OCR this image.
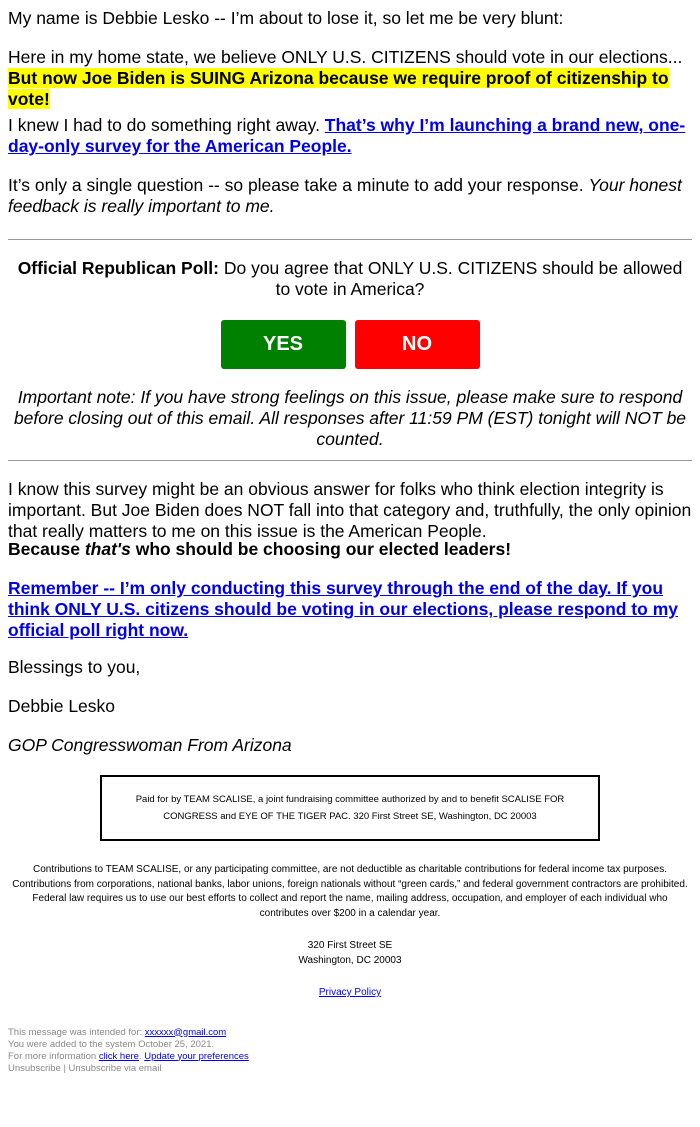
My name is Debbie Lesko -- I’m about to lose it, so let me be very blunt:

Here in my home state, we believe ONLY U.S. CITIZENS should vote in our elections... But now Joe Biden is SUING Arizona because we require proof of citizenship to vote!

I knew I had to do something right away. That’s why I’m launching a brand new, one-day-only survey for the American People.

It’s only a single question -- so please take a minute to add your response. Your honest feedback is really important to me.

Official Republican Poll: Do you agree that ONLY U.S. CITIZENS should be allowed to vote in America?
YES	NO

Important note: If you have strong feelings on this issue, please make sure to respond before closing out of this email. All responses after 11:59 PM (EST) tonight will NOT be counted.

I know this survey might be an obvious answer for folks who think election integrity is important. But Joe Biden does NOT fall into that category and, truthfully, the only opinion that really matters to me on this issue is the American People.

Because that's who should be choosing our elected leaders!

Remember -- I’m only conducting this survey through the end of the day. If you think ONLY U.S. citizens should be voting in our elections, please respond to my official poll right now.

Blessings to you,

Debbie Lesko

GOP Congresswoman From Arizona

Paid for by TEAM SCALISE, a joint fundraising committee authorized by and to benefit SCALISE FOR CONGRESS and EYE OF THE TIGER PAC. 320 First Street SE, Washington, DC 20003

Contributions to TEAM SCALISE, or any participating committee, are not deductible as charitable contributions for federal income tax purposes. Contributions from corporations, national banks, labor unions, foreign nationals without “green cards,” and federal government contractors are prohibited. Federal law requires us to use our best efforts to collect and report the name, mailing address, occupation, and employer of each individual who contributes over $200 in a calendar year.

320 First Street SE
Washington, DC 20003
Privacy Policy
This message was intended for: xxxxxx@gmail.com
You were added to the system October 25, 2021.
For more information click here. Update your preferences
Unsubscribe | Unsubscribe via email
